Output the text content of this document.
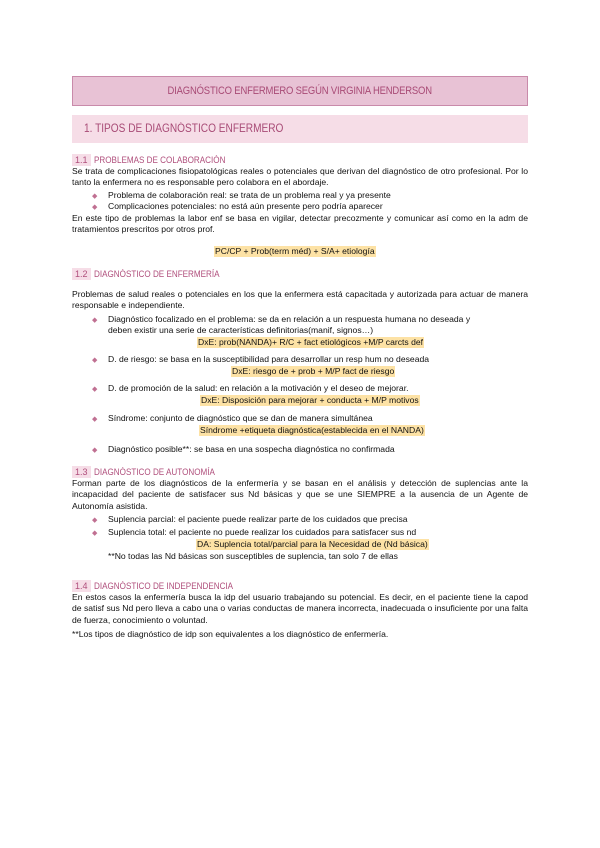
DIAGNÓSTICO ENFERMERO SEGÚN VIRGINIA HENDERSON
1. TIPOS DE DIAGNÓSTICO ENFERMERO
1.1 PROBLEMAS DE COLABORACIÓN

Se trata de complicaciones fisiopatológicas reales o potenciales que derivan del diagnóstico de otro profesional. Por lo tanto la enfermera no es responsable pero colabora en el abordaje.

◆ Problema de colaboración real: se trata de un problema real y ya presente
◆ Complicaciones potenciales: no está aún presente pero podría aparecer

En este tipo de problemas la labor enf se basa en vigilar, detectar precozmente y comunicar así como en la adm de tratamientos prescritos por otros prof.

PC/CP + Prob(term méd) + S/A+ etiología
1.2 DIAGNÓSTICO DE ENFERMERÍA

Problemas de salud reales o potenciales en los que la enfermera está capacitada y autorizada para actuar de manera responsable e independiente.

◆ Diagnóstico focalizado en el problema: se da en relación a un respuesta humana no deseada y
deben existir una serie de características definitorias(manif, signos…)
DxE: prob(NANDA)+ R/C + fact etiológicos +M/P carcts def
◆ D. de riesgo: se basa en la susceptibilidad para desarrollar un resp hum no deseada
DxE: riesgo de + prob + M/P fact de riesgo
◆ D. de promoción de la salud: en relación a la motivación y el deseo de mejorar.
DxE: Disposición para mejorar + conducta + M/P motivos
◆ Síndrome: conjunto de diagnóstico que se dan de manera simultánea
Síndrome +etiqueta diagnóstica(establecida en el NANDA)
◆ Diagnóstico posible**: se basa en una sospecha diagnóstica no confirmada
1.3 DIAGNÓSTICO DE AUTONOMÍA

Forman parte de los diagnósticos de la enfermería y se basan en el análisis y detección de suplencias ante la incapacidad del paciente de satisfacer sus Nd básicas y que se une SIEMPRE a la ausencia de un Agente de Autonomía asistida.

◆ Suplencia parcial: el paciente puede realizar parte de los cuidados que precisa
◆ Suplencia total: el paciente no puede realizar los cuidados para satisfacer sus nd
DA: Suplencia total/parcial para la Necesidad de (Nd básica)
**No todas las Nd básicas son susceptibles de suplencia, tan solo 7 de ellas
1.4 DIAGNÓSTICO DE INDEPENDENCIA

En estos casos la enfermería busca la idp del usuario trabajando su potencial. Es decir, en el paciente tiene la capod de satisf sus Nd pero lleva a cabo una o varias conductas de manera incorrecta, inadecuada o insuficiente por una falta de fuerza, conocimiento o voluntad.

**Los tipos de diagnóstico de idp son equivalentes a los diagnóstico de enfermería.
